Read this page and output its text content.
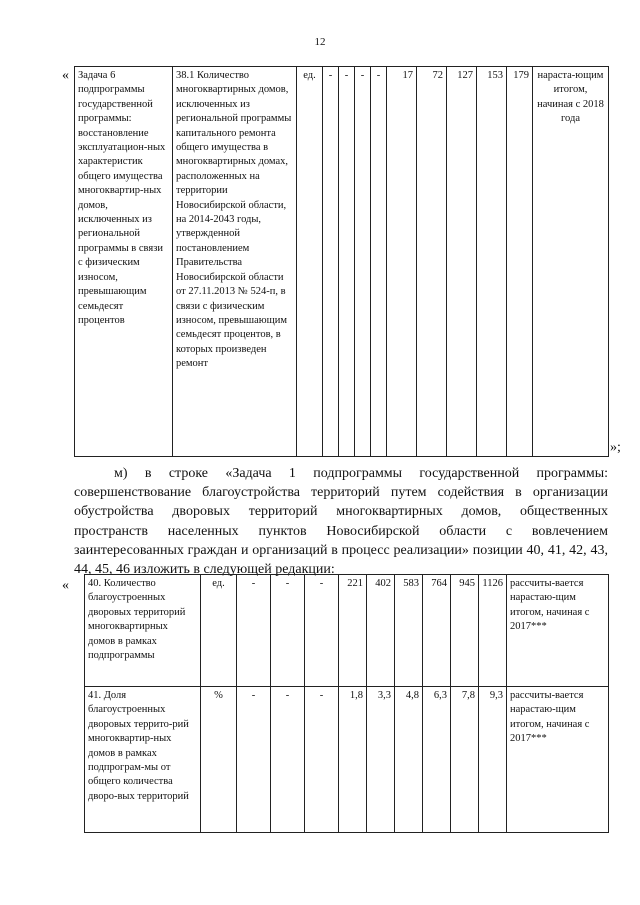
12
« Задача 6 подпрограммы государственной программы: восстановление эксплуатацион-ных характеристик общего имущества многоквартир-ных домов, исключенных из региональной программы в связи с физическим износом, превышающим семьдесят процентов	38.1 Количество многоквартирных домов, исключенных из региональной программы капитального ремонта общего имущества в многоквартирных домах, расположенных на территории Новосибирской области, на 2014-2043 годы, утвержденной постановлением Правительства Новосибирской области от 27.11.2013 № 524-п, в связи с физическим износом, превышающим семьдесят процентов, в которых произведен ремонт	ед.	-	-	-	-	17	72	127	153	179	нараста-ющим итогом, начиная с 2018 года
»;
м) в строке «Задача 1 подпрограммы государственной программы: совершенствование благоустройства территорий путем содействия в организации обустройства дворовых территорий многоквартирных домов, общественных пространств населенных пунктов Новосибирской области с вовлечением заинтересованных граждан и организаций в процесс реализации» позиции 40, 41, 42, 43, 44, 45, 46 изложить в следующей редакции:
« 40. Количество благоустроенных дворовых территорий многоквартирных домов в рамках подпрограммы	ед.	-	-	-	221	402	583	764	945	1126	рассчиты-вается нарастаю-щим итогом, начиная с 2017***
41. Доля благоустроенных дворовых террито-рий многоквартир-ных домов в рамках подпрограм-мы от общего количества дворо-вых территорий	%	-	-	-	1,8	3,3	4,8	6,3	7,8	9,3	рассчиты-вается нарастаю-щим итогом, начиная с 2017***
